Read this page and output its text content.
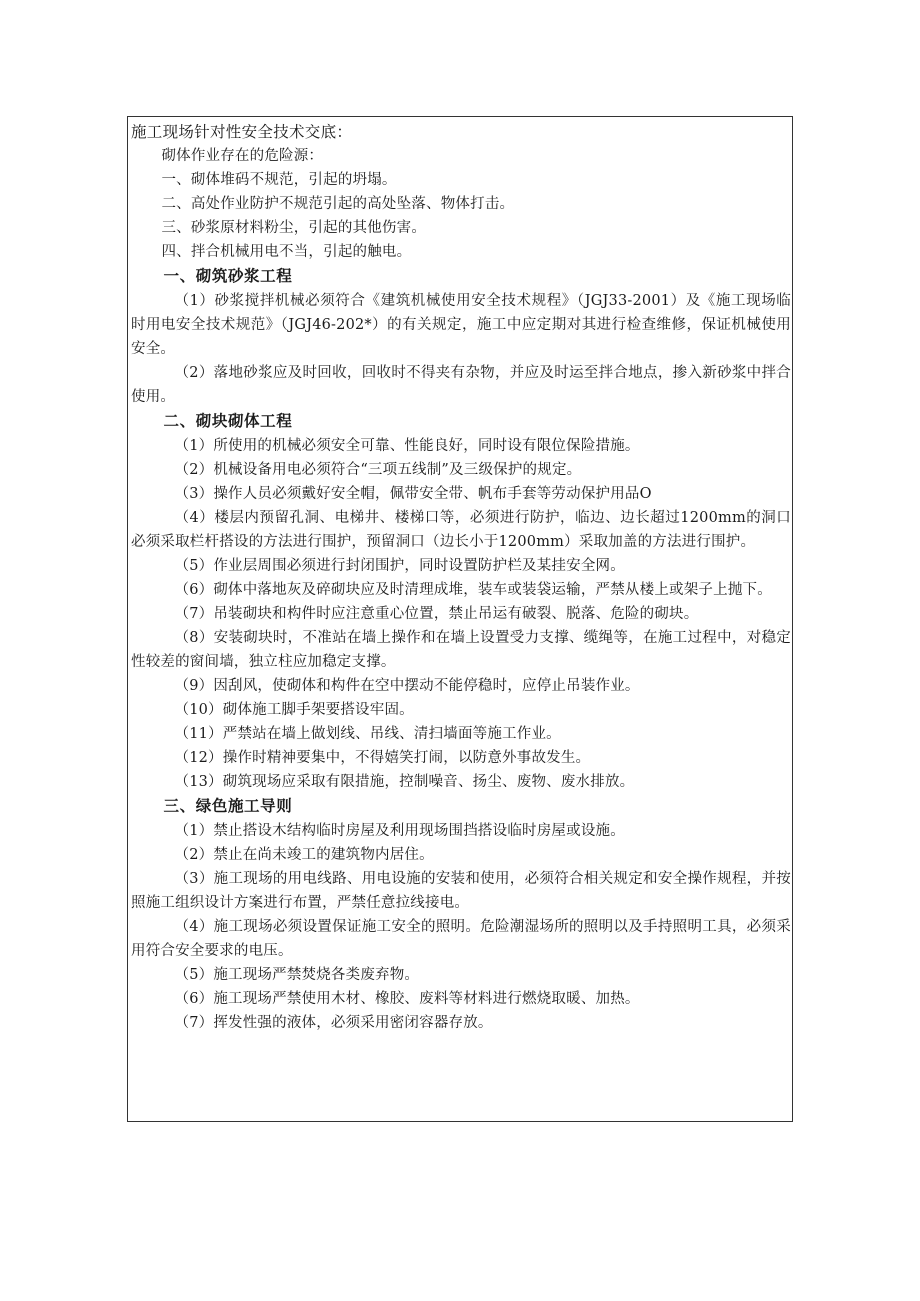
施工现场针对性安全技术交底：

砌体作业存在的危险源：

一、砌体堆码不规范，引起的坍塌。

二、高处作业防护不规范引起的高处坠落、物体打击。

三、砂浆原材料粉尘，引起的其他伤害。

四、拌合机械用电不当，引起的触电。

一、砌筑砂浆工程

（1）砂浆搅拌机械必须符合《建筑机械使用安全技术规程》（JGJ33-2001）及《施工现场临时用电安全技术规范》（JGJ46-202*）的有关规定，施工中应定期对其进行检查维修，保证机械使用安全。

（2）落地砂浆应及时回收，回收时不得夹有杂物，并应及时运至拌合地点，掺入新砂浆中拌合使用。

二、砌块砌体工程

（1）所使用的机械必须安全可靠、性能良好，同时设有限位保险措施。

（2）机械设备用电必须符合“三项五线制”及三级保护的规定。

（3）操作人员必须戴好安全帽，佩带安全带、帆布手套等劳动保护用品O

（4）楼层内预留孔洞、电梯井、楼梯口等，必须进行防护，临边、边长超过1200mm的洞口必须采取栏杆搭设的方法进行围护，预留洞口（边长小于1200mm）采取加盖的方法进行围护。

（5）作业层周围必须进行封闭围护，同时设置防护栏及某挂安全网。

（6）砌体中落地灰及碎砌块应及时清理成堆，装车或装袋运输，严禁从楼上或架子上抛下。

（7）吊装砌块和构件时应注意重心位置，禁止吊运有破裂、脱落、危险的砌块。

（8）安装砌块时，不准站在墙上操作和在墙上设置受力支撑、缆绳等，在施工过程中，对稳定性较差的窗间墙，独立柱应加稳定支撑。

（9）因刮风，使砌体和构件在空中摆动不能停稳时，应停止吊装作业。

（10）砌体施工脚手架要搭设牢固。

（11）严禁站在墙上做划线、吊线、清扫墙面等施工作业。

（12）操作时精神要集中，不得嬉笑打闹，以防意外事故发生。

（13）砌筑现场应采取有限措施，控制噪音、扬尘、废物、废水排放。

三、绿色施工导则

（1）禁止搭设木结构临时房屋及利用现场围挡搭设临时房屋或设施。

（2）禁止在尚未竣工的建筑物内居住。

（3）施工现场的用电线路、用电设施的安装和使用，必须符合相关规定和安全操作规程，并按照施工组织设计方案进行布置，严禁任意拉线接电。

（4）施工现场必须设置保证施工安全的照明。危险潮湿场所的照明以及手持照明工具，必须采用符合安全要求的电压。

（5）施工现场严禁焚烧各类废弃物。

（6）施工现场严禁使用木材、橡胶、废料等材料进行燃烧取暖、加热。

（7）挥发性强的液体，必须采用密闭容器存放。
